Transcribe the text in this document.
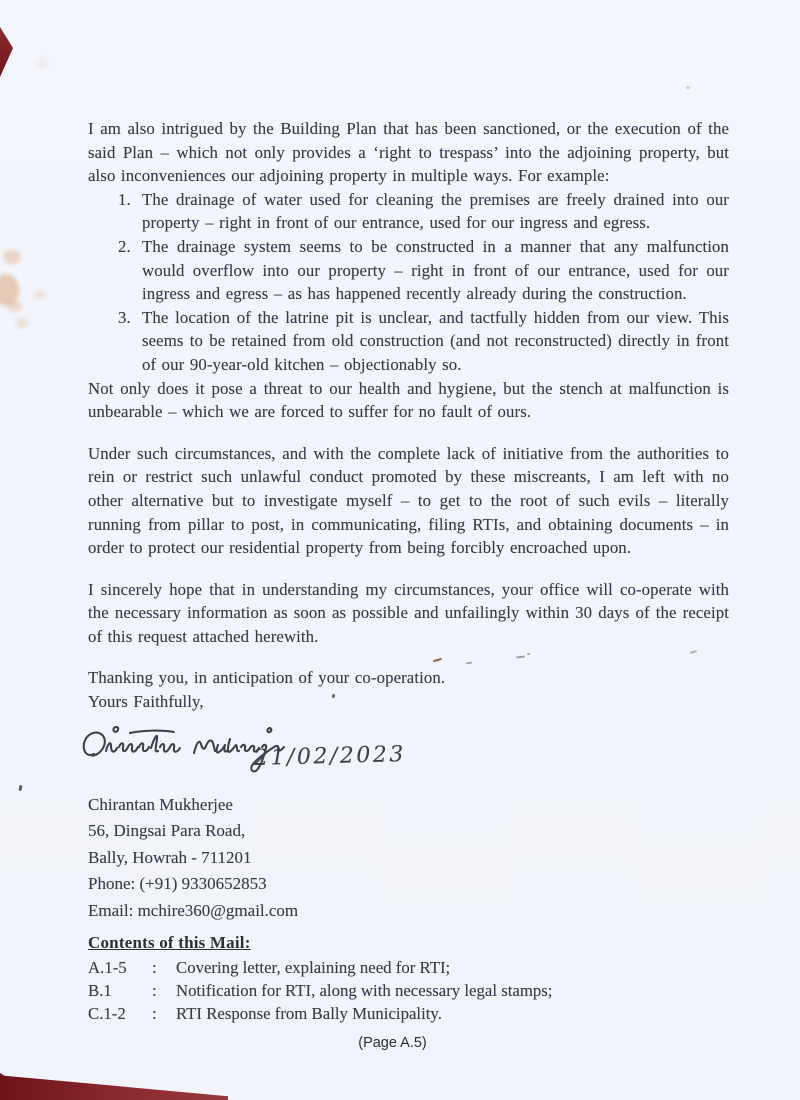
I am also intrigued by the Building Plan that has been sanctioned, or the execution of the said Plan – which not only provides a ‘right to trespass’ into the adjoining property, but also inconveniences our adjoining property in multiple ways. For example:

1. The drainage of water used for cleaning the premises are freely drained into our property – right in front of our entrance, used for our ingress and egress.
2. The drainage system seems to be constructed in a manner that any malfunction would overflow into our property – right in front of our entrance, used for our ingress and egress – as has happened recently already during the construction.
3. The location of the latrine pit is unclear, and tactfully hidden from our view. This seems to be retained from old construction (and not reconstructed) directly in front of our 90-year-old kitchen – objectionably so.

Not only does it pose a threat to our health and hygiene, but the stench at malfunction is unbearable – which we are forced to suffer for no fault of ours.

Under such circumstances, and with the complete lack of initiative from the authorities to rein or restrict such unlawful conduct promoted by these miscreants, I am left with no other alternative but to investigate myself – to get to the root of such evils – literally running from pillar to post, in communicating, filing RTIs, and obtaining documents – in order to protect our residential property from being forcibly encroached upon.

I sincerely hope that in understanding my circumstances, your office will co-operate with the necessary information as soon as possible and unfailingly within 30 days of the receipt of this request attached herewith.

Thanking you, in anticipation of your co-operation.

Yours Faithfully,

21/02/2023

Chirantan Mukherjee

56, Dingsai Para Road,

Bally, Howrah - 711201

Phone: (+91) 9330652853

Email: mchire360@gmail.com

Contents of this Mail:

A.1-5	:	Covering letter, explaining need for RTI;
B.1	:	Notification for RTI, along with necessary legal stamps;
C.1-2	:	RTI Response from Bally Municipality.
(Page A.5)
